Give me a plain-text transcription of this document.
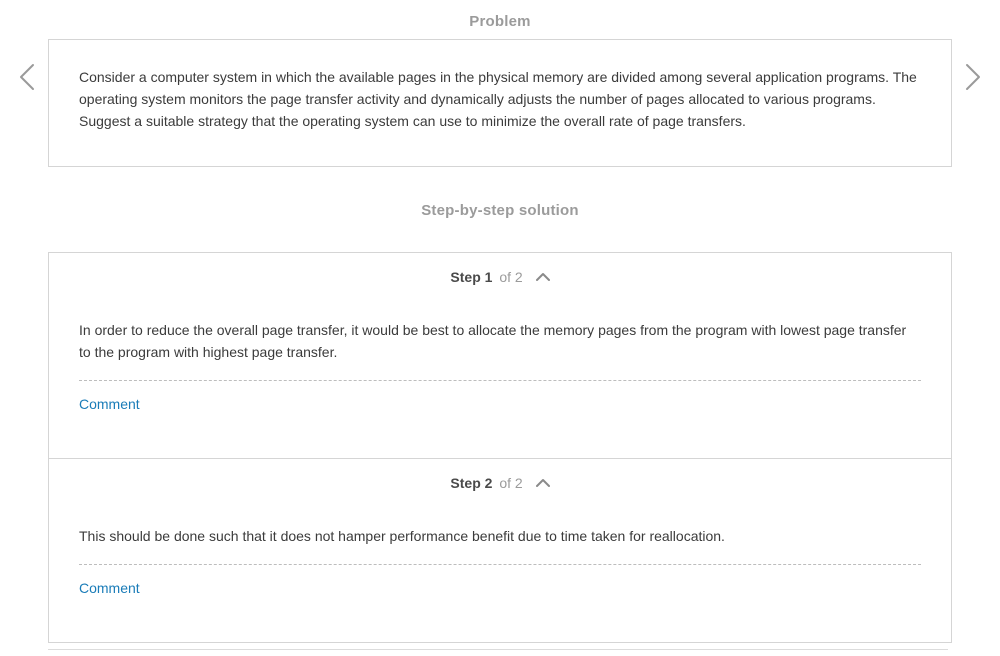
Problem

Consider a computer system in which the available pages in the physical memory are divided among several application programs. The operating system monitors the page transfer activity and dynamically adjusts the number of pages allocated to various programs. Suggest a suitable strategy that the operating system can use to minimize the overall rate of page transfers.

Step-by-step solution
Step 1 of 2

In order to reduce the overall page transfer, it would be best to allocate the memory pages from the program with lowest page transfer to the program with highest page transfer.

Comment
Step 2 of 2

This should be done such that it does not hamper performance benefit due to time taken for reallocation.

Comment
